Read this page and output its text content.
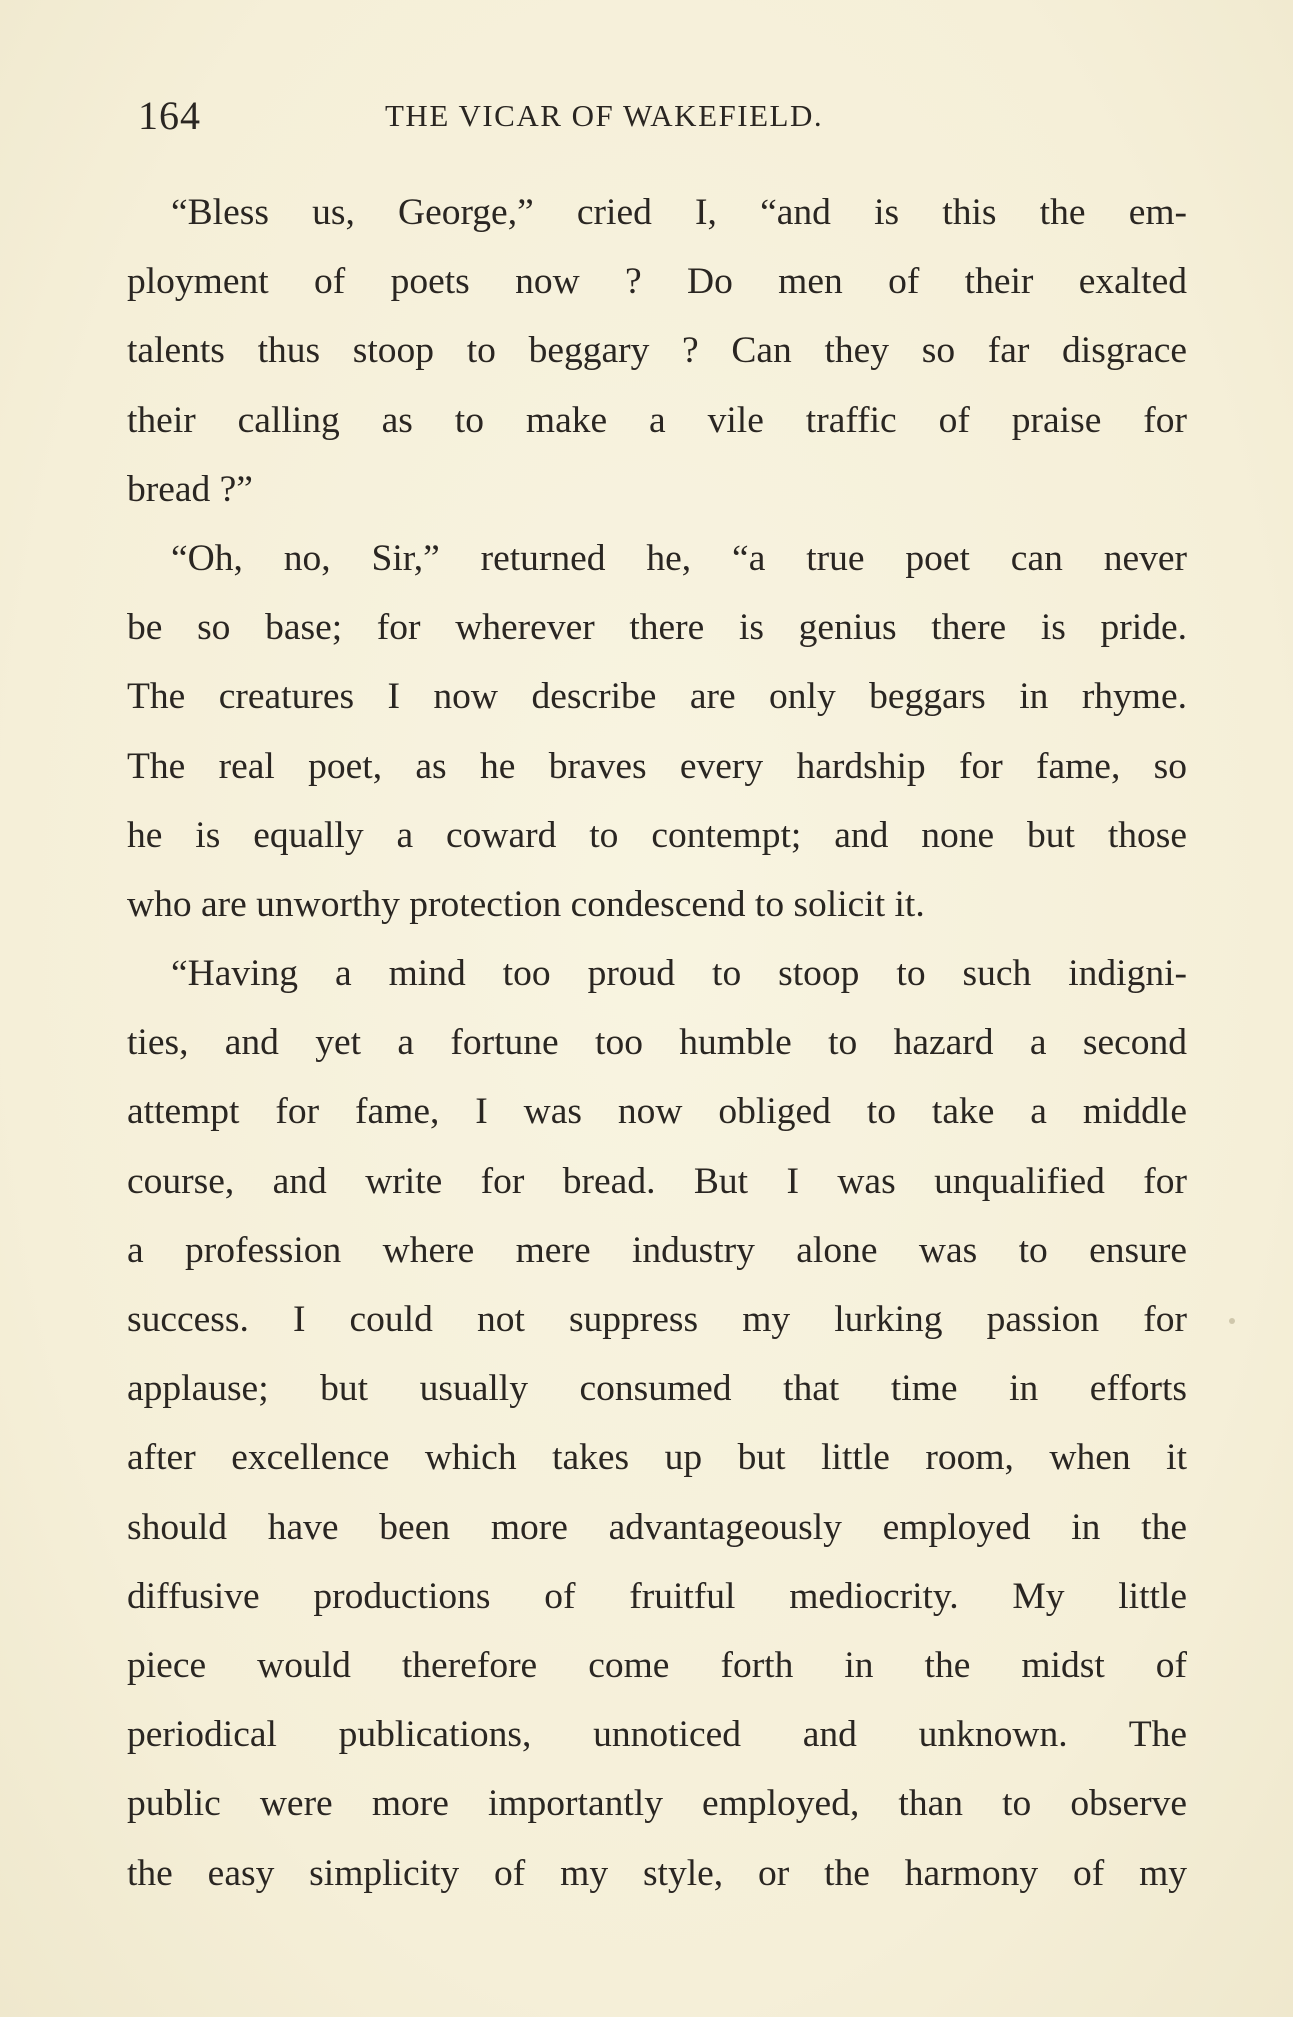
164	THE VICAR OF WAKEFIELD.
“Bless us, George,” cried I, “and is this the em-
ployment of poets now ? Do men of their exalted
talents thus stoop to beggary ? Can they so far disgrace
their calling as to make a vile traffic of praise for
bread ?”
“Oh, no, Sir,” returned he, “a true poet can never
be so base; for wherever there is genius there is pride.
The creatures I now describe are only beggars in rhyme.
The real poet, as he braves every hardship for fame, so
he is equally a coward to contempt; and none but those
who are unworthy protection condescend to solicit it.
“Having a mind too proud to stoop to such indigni-
ties, and yet a fortune too humble to hazard a second
attempt for fame, I was now obliged to take a middle
course, and write for bread. But I was unqualified for
a profession where mere industry alone was to ensure
success. I could not suppress my lurking passion for
applause; but usually consumed that time in efforts
after excellence which takes up but little room, when it
should have been more advantageously employed in the
diffusive productions of fruitful mediocrity. My little
piece would therefore come forth in the midst of
periodical publications, unnoticed and unknown. The
public were more importantly employed, than to observe
the easy simplicity of my style, or the harmony of my
